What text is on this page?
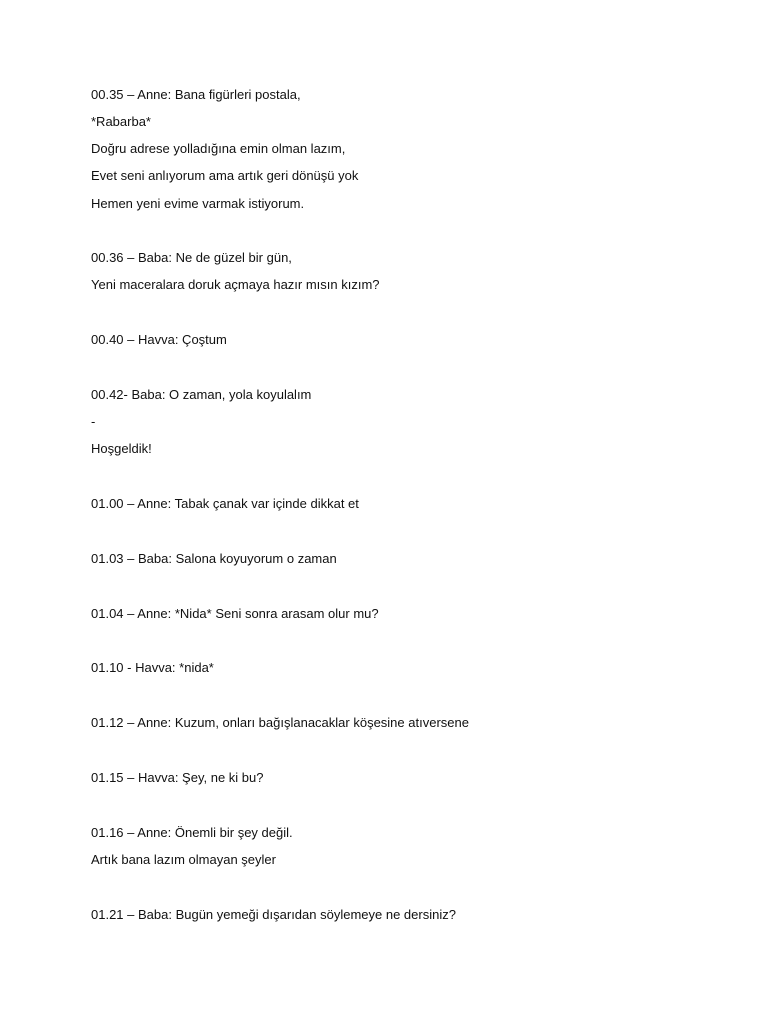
00.35 – Anne: Bana figürleri postala,
*Rabarba*
Doğru adrese yolladığına emin olman lazım,
Evet seni anlıyorum ama artık geri dönüşü yok
Hemen yeni evime varmak istiyorum.
00.36 – Baba: Ne de güzel bir gün,
Yeni maceralara doruk açmaya hazır mısın kızım?
00.40 – Havva: Çoştum
00.42- Baba: O zaman, yola koyulalım
-
Hoşgeldik!
01.00 – Anne: Tabak çanak var içinde dikkat et
01.03 – Baba: Salona koyuyorum o zaman
01.04 – Anne: *Nida* Seni sonra arasam olur mu?
01.10 - Havva: *nida*
01.12 – Anne: Kuzum, onları bağışlanacaklar köşesine atıversene
01.15 – Havva: Şey, ne ki bu?
01.16 – Anne: Önemli bir şey değil.
Artık bana lazım olmayan şeyler
01.21 – Baba: Bugün yemeği dışarıdan söylemeye ne dersiniz?
